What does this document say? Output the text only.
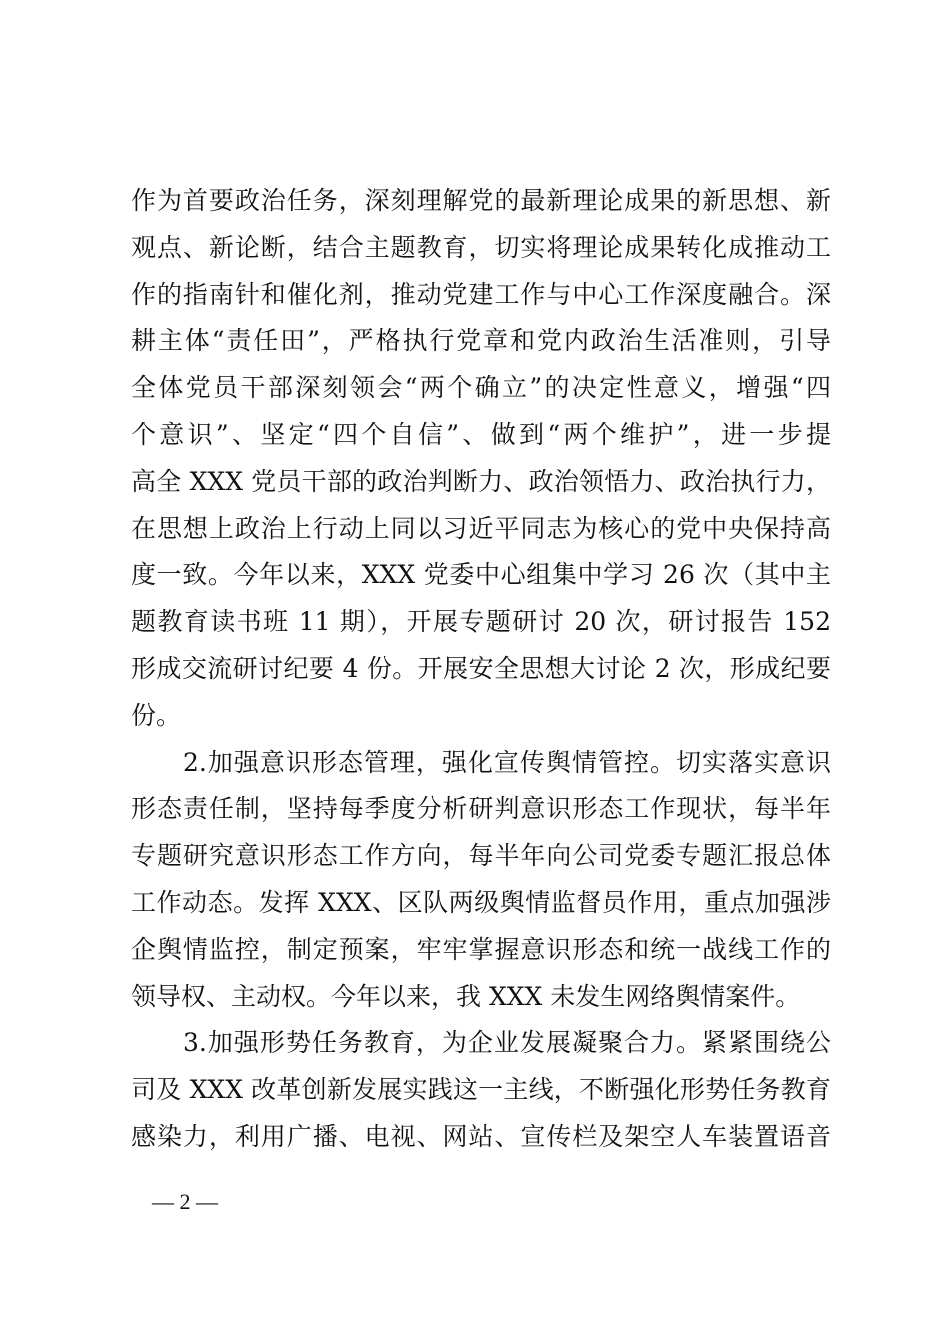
作为首要政治任务，深刻理解党的最新理论成果的新思想、新
观点、新论断，结合主题教育，切实将理论成果转化成推动工
作的指南针和催化剂，推动党建工作与中心工作深度融合。深
耕主体“责任田”，严格执行党章和党内政治生活准则，引导
全体党员干部深刻领会“两个确立”的决定性意义，增强“四
个意识”、坚定“四个自信”、做到“两个维护”，进一步提
高全 XXX 党员干部的政治判断力、政治领悟力、政治执行力，
在思想上政治上行动上同以习近平同志为核心的党中央保持高
度一致。今年以来，XXX 党委中心组集中学习 26 次（其中主
题教育读书班 11 期），开展专题研讨 20 次，研讨报告 152
形成交流研讨纪要 4 份。开展安全思想大讨论 2 次，形成纪要
份。
　　2.加强意识形态管理，强化宣传舆情管控。切实落实意识
形态责任制，坚持每季度分析研判意识形态工作现状，每半年
专题研究意识形态工作方向，每半年向公司党委专题汇报总体
工作动态。发挥 XXX、区队两级舆情监督员作用，重点加强涉
企舆情监控，制定预案，牢牢掌握意识形态和统一战线工作的
领导权、主动权。今年以来，我 XXX 未发生网络舆情案件。
　　3.加强形势任务教育，为企业发展凝聚合力。紧紧围绕公
司及 XXX 改革创新发展实践这一主线，不断强化形势任务教育
感染力，利用广播、电视、网站、宣传栏及架空人车装置语音
— 2 —
